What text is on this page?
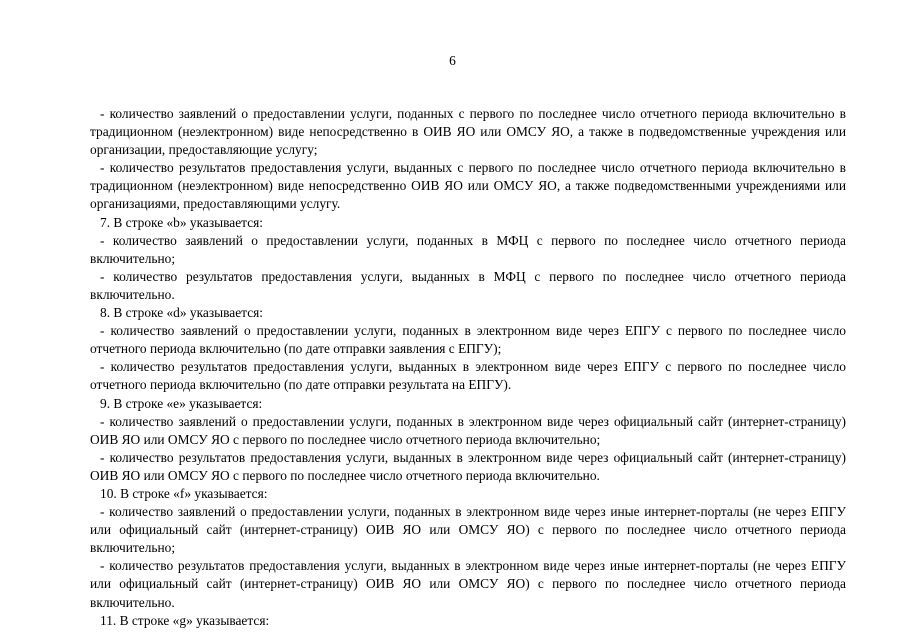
6

- количество заявлений о предоставлении услуги, поданных с первого по последнее число отчетного периода включительно в традиционном (неэлектронном) виде непосредственно в ОИВ ЯО или ОМСУ ЯО, а также в подведомственные учреждения или организации, предоставляющие услугу;

- количество результатов предоставления услуги, выданных с первого по последнее число отчетного периода включительно в традиционном (неэлектронном) виде непосредственно ОИВ ЯО или ОМСУ ЯО, а также подведомственными учреждениями или организациями, предоставляющими услугу.

7. В строке «b» указывается:

- количество заявлений о предоставлении услуги, поданных в МФЦ с первого по последнее число отчетного периода включительно;

- количество результатов предоставления услуги, выданных в МФЦ с первого по последнее число отчетного периода включительно.

8. В строке «d» указывается:

- количество заявлений о предоставлении услуги, поданных в электронном виде через ЕПГУ с первого по последнее число отчетного периода включительно (по дате отправки заявления с ЕПГУ);

- количество результатов предоставления услуги, выданных в электронном виде через ЕПГУ с первого по последнее число отчетного периода включительно (по дате отправки результата на ЕПГУ).

9. В строке «e» указывается:

- количество заявлений о предоставлении услуги, поданных в электронном виде через официальный сайт (интернет-страницу) ОИВ ЯО или ОМСУ ЯО с первого по последнее число отчетного периода включительно;

- количество результатов предоставления услуги, выданных в электронном виде через официальный сайт (интернет-страницу) ОИВ ЯО или ОМСУ ЯО с первого по последнее число отчетного периода включительно.

10. В строке «f» указывается:

- количество заявлений о предоставлении услуги, поданных в электронном виде через иные интернет-порталы (не через ЕПГУ или официальный сайт (интернет-страницу) ОИВ ЯО или ОМСУ ЯО) с первого по последнее число отчетного периода включительно;

- количество результатов предоставления услуги, выданных в электронном виде через иные интернет-порталы (не через ЕПГУ или официальный сайт (интернет-страницу) ОИВ ЯО или ОМСУ ЯО) с первого по последнее число отчетного периода включительно.

11. В строке «g» указывается:
